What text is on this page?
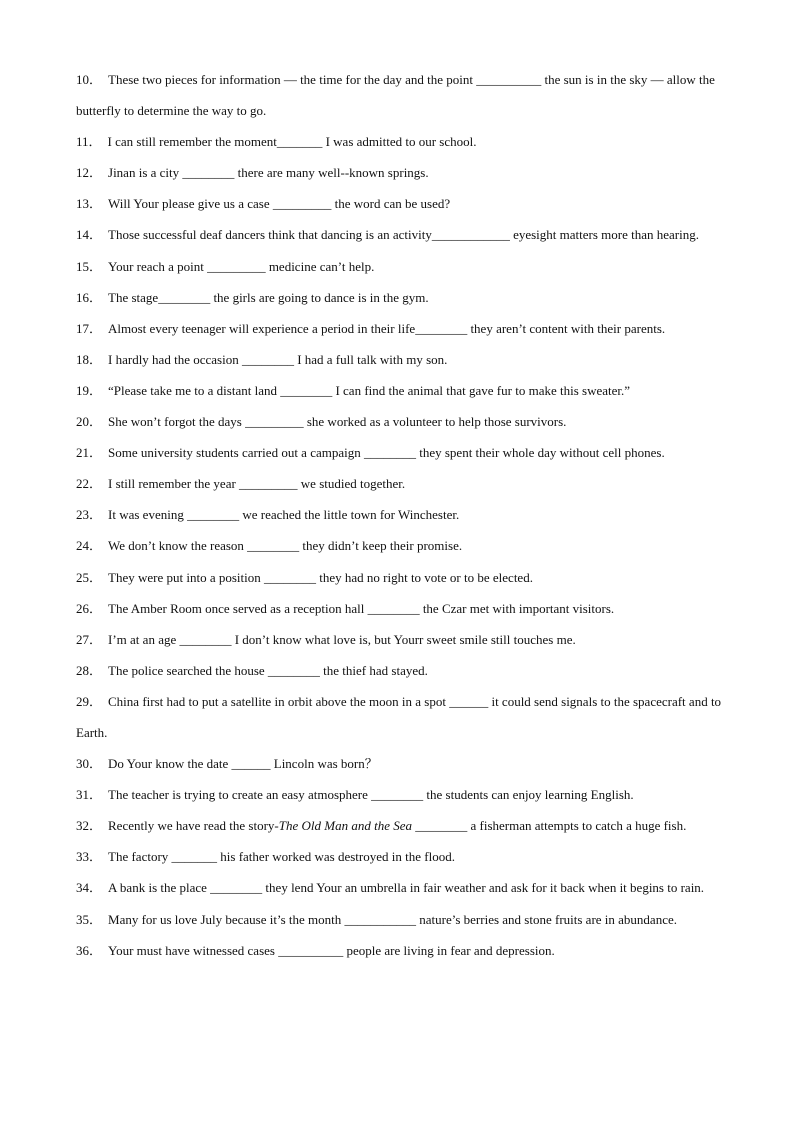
10． These two pieces for information — the time for the day and the point __________ the sun is in the sky — allow the butterfly to determine the way to go.
11． I can still remember the moment_______ I was admitted to our school.
12． Jinan is a city ________ there are many well--known springs.
13． Will Your please give us a case _________ the word can be used?
14． Those successful deaf dancers think that dancing is an activity____________ eyesight matters more than hearing.
15． Your reach a point _________ medicine can’t help.
16． The stage________ the girls are going to dance is in the gym.
17． Almost every teenager will experience a period in their life________ they aren’t content with their parents.
18． I hardly had the occasion ________ I had a full talk with my son.
19． “Please take me to a distant land ________ I can find the animal that gave fur to make this sweater.”
20． She won’t forgot the days _________ she worked as a volunteer to help those survivors.
21． Some university students carried out a campaign ________ they spent their whole day without cell phones.
22． I still remember the year _________ we studied together.
23． It was evening ________ we reached the little town for Winchester.
24． We don’t know the reason ________ they didn’t keep their promise.
25． They were put into a position ________ they had no right to vote or to be elected.
26． The Amber Room once served as a reception hall ________ the Czar met with important visitors.
27． I’m at an age ________ I don’t know what love is, but Yourr sweet smile still touches me.
28． The police searched the house ________ the thief had stayed.
29． China first had to put a satellite in orbit above the moon in a spot ______ it could send signals to the spacecraft and to Earth.
30． Do Your know the date ______ Lincoln was born？
31． The teacher is trying to create an easy atmosphere ________ the students can enjoy learning English.
32． Recently we have read the story-The Old Man and the Sea ________ a fisherman attempts to catch a huge fish.
33． The factory _______ his father worked was destroyed in the flood.
34． A bank is the place ________ they lend Your an umbrella in fair weather and ask for it back when it begins to rain.
35． Many for us love July because it’s the month ___________ nature’s berries and stone fruits are in abundance.
36． Your must have witnessed cases __________ people are living in fear and depression.
